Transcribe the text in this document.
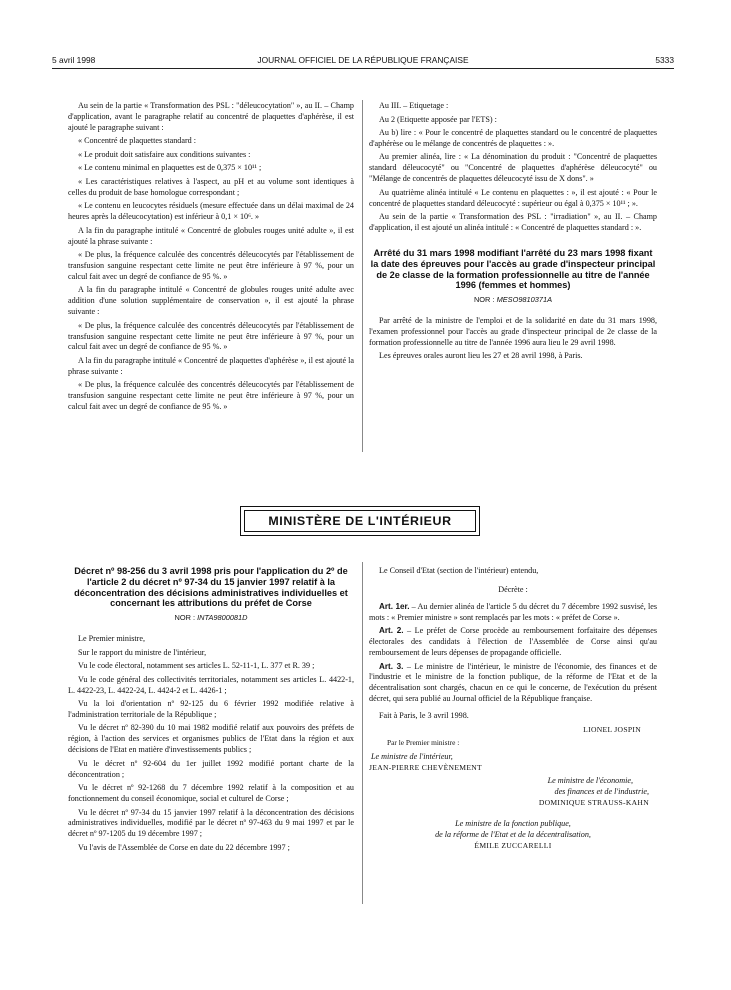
5 avril 1998	JOURNAL OFFICIEL DE LA RÉPUBLIQUE FRANÇAISE	5333

Au sein de la partie « Transformation des PSL : "déleucocytation" », au II. – Champ d'application, avant le paragraphe relatif au concentré de plaquettes d'aphérèse, il est ajouté le paragraphe suivant :

« Concentré de plaquettes standard :

« Le produit doit satisfaire aux conditions suivantes :

« Le contenu minimal en plaquettes est de 0,375 × 10¹¹ ;

« Les caractéristiques relatives à l'aspect, au pH et au volume sont identiques à celles du produit de base homologue correspondant ;

« Le contenu en leucocytes résiduels (mesure effectuée dans un délai maximal de 24 heures après la déleucocytation) est inférieur à 0,1 × 10⁶. »

A la fin du paragraphe intitulé « Concentré de globules rouges unité adulte », il est ajouté la phrase suivante :

« De plus, la fréquence calculée des concentrés déleucocytés par l'établissement de transfusion sanguine respectant cette limite ne peut être inférieure à 97 %, pour un calcul fait avec un degré de confiance de 95 %. »

A la fin du paragraphe intitulé « Concentré de globules rouges unité adulte avec addition d'une solution supplémentaire de conservation », il est ajouté la phrase suivante :

« De plus, la fréquence calculée des concentrés déleucocytés par l'établissement de transfusion sanguine respectant cette limite ne peut être inférieure à 97 %, pour un calcul fait avec un degré de confiance de 95 %. »

A la fin du paragraphe intitulé « Concentré de plaquettes d'aphérèse », il est ajouté la phrase suivante :

« De plus, la fréquence calculée des concentrés déleucocytés par l'établissement de transfusion sanguine respectant cette limite ne peut être inférieure à 97 %, pour un calcul fait avec un degré de confiance de 95 %. »

Au III. – Etiquetage :

Au 2 (Etiquette apposée par l'ETS) :

Au b) lire : « Pour le concentré de plaquettes standard ou le concentré de plaquettes d'aphérèse ou le mélange de concentrés de plaquettes : ».

Au premier alinéa, lire : « La dénomination du produit : "Concentré de plaquettes standard déleucocyté" ou "Concentré de plaquettes d'aphérèse déleucocyté" ou "Mélange de concentrés de plaquettes déleucocyté issu de X dons". »

Au quatrième alinéa intitulé « Le contenu en plaquettes : », il est ajouté : « Pour le concentré de plaquettes standard déleucocyté : supérieur ou égal à 0,375 × 10¹¹ ; ».

Au sein de la partie « Transformation des PSL : "irradiation" », au II. – Champ d'application, il est ajouté un alinéa intitulé : « Concentré de plaquettes standard : ».

Arrêté du 31 mars 1998 modifiant l'arrêté du 23 mars 1998 fixant la date des épreuves pour l'accès au grade d'inspecteur principal de 2e classe de la formation professionnelle au titre de l'année 1996 (femmes et hommes)

NOR : MESO9810371A

Par arrêté de la ministre de l'emploi et de la solidarité en date du 31 mars 1998, l'examen professionnel pour l'accès au grade d'inspecteur principal de 2e classe de la formation professionnelle au titre de l'année 1996 aura lieu le 29 avril 1998.

Les épreuves orales auront lieu les 27 et 28 avril 1998, à Paris.

MINISTÈRE DE L'INTÉRIEUR

Décret nº 98-256 du 3 avril 1998 pris pour l'application du 2º de l'article 2 du décret nº 97-34 du 15 janvier 1997 relatif à la déconcentration des décisions administratives individuelles et concernant les attributions du préfet de Corse

NOR : INTA9800081D

Le Premier ministre,

Sur le rapport du ministre de l'intérieur,

Vu le code électoral, notamment ses articles L. 52-11-1, L. 377 et R. 39 ;

Vu le code général des collectivités territoriales, notamment ses articles L. 4422-1, L. 4422-23, L. 4422-24, L. 4424-2 et L. 4426-1 ;

Vu la loi d'orientation nº 92-125 du 6 février 1992 modifiée relative à l'administration territoriale de la République ;

Vu le décret nº 82-390 du 10 mai 1982 modifié relatif aux pouvoirs des préfets de région, à l'action des services et organismes publics de l'Etat dans la région et aux décisions de l'Etat en matière d'investissements publics ;

Vu le décret nº 92-604 du 1er juillet 1992 modifié portant charte de la déconcentration ;

Vu le décret nº 92-1268 du 7 décembre 1992 relatif à la composition et au fonctionnement du conseil économique, social et culturel de Corse ;

Vu le décret nº 97-34 du 15 janvier 1997 relatif à la déconcentration des décisions administratives individuelles, modifié par le décret nº 97-463 du 9 mai 1997 et par le décret nº 97-1205 du 19 décembre 1997 ;

Vu l'avis de l'Assemblée de Corse en date du 22 décembre 1997 ;

Le Conseil d'Etat (section de l'intérieur) entendu,

Décrète :

Art. 1er. – Au dernier alinéa de l'article 5 du décret du 7 décembre 1992 susvisé, les mots : « Premier ministre » sont remplacés par les mots : « préfet de Corse ».

Art. 2. – Le préfet de Corse procède au remboursement forfaitaire des dépenses électorales des candidats à l'élection de l'Assemblée de Corse ainsi qu'au remboursement de leurs dépenses de propagande officielle.

Art. 3. – Le ministre de l'intérieur, le ministre de l'économie, des finances et de l'industrie et le ministre de la fonction publique, de la réforme de l'Etat et de la décentralisation sont chargés, chacun en ce qui le concerne, de l'exécution du présent décret, qui sera publié au Journal officiel de la République française.

Fait à Paris, le 3 avril 1998.

LIONEL JOSPIN

Par le Premier ministre :

Le ministre de l'intérieur,

JEAN-PIERRE CHEVÈNEMENT

Le ministre de l'économie,

des finances et de l'industrie,

DOMINIQUE STRAUSS-KAHN

Le ministre de la fonction publique,

de la réforme de l'Etat et de la décentralisation,

ÉMILE ZUCCARELLI
